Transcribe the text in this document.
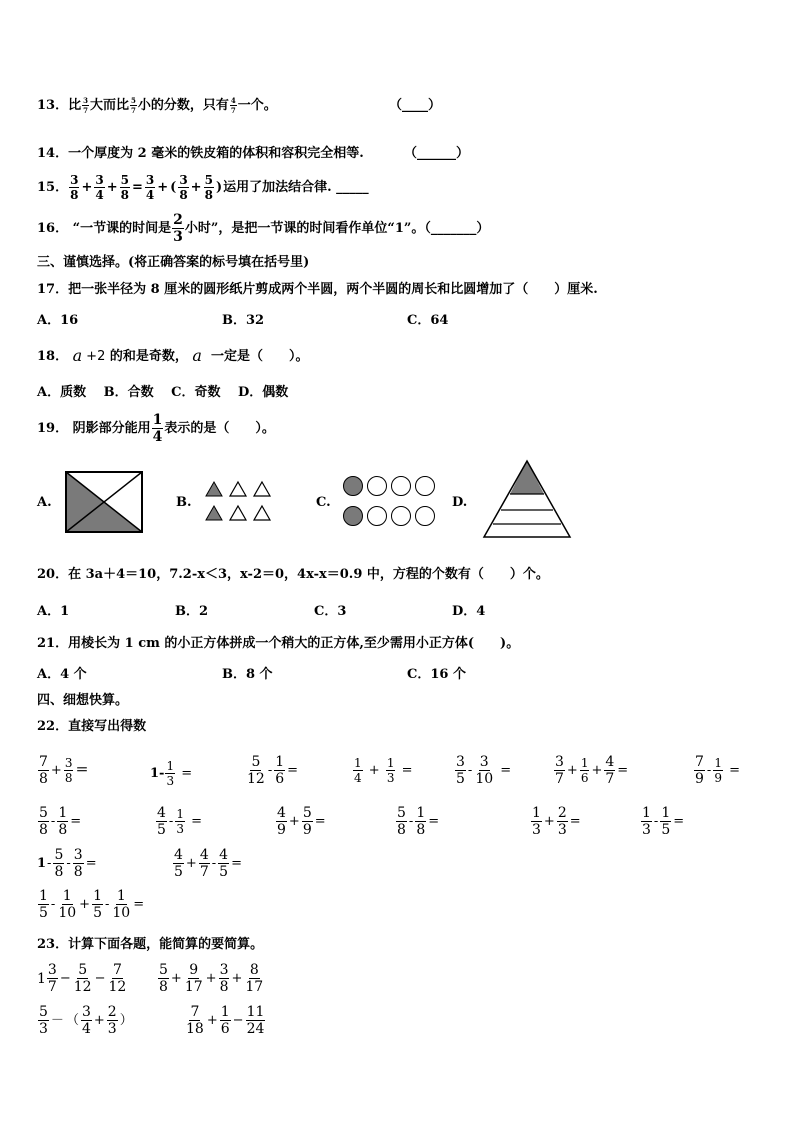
13．比 $\frac{3}{7}$ 大而比 $\frac{5}{7}$ 小的分数，只有 $\frac{4}{7}$ 一个。	（____）
14．一个厚度为 2 毫米的铁皮箱的体积和容积完全相等.	（______）
15． $\frac{3}{8} + \frac{3}{4} + \frac{5}{8} = \frac{3}{4}$ + ( $\frac{3}{8} + \frac{5}{8}$ ) 运用了加法结合律.
_____
16．
“一节课的时间是 $\frac{2}{3}$ 小时”，是把一节课的时间看作单位“1”。（_______）
三、谨慎选择。(将正确答案的标号填在括号里)
17．把一张半径为 8 厘米的圆形纸片剪成两个半圆，两个半圆的周长和比圆增加了（　　）厘米.
A．16	B．32	C．64
18．
a +2
的和是奇数，
a
一定是（　　）。
A．质数　 B．合数　 C．奇数　 D．偶数
19．
阴影部分能用 $\frac{1}{4}$ 表示的是（　　）。
A.	B.	C.	D.
20．在 3a＋4＝10，7.2-x＜3，x-2＝0，4x-x＝0.9 中，方程的个数有（　　）个。
A．1	B．2	C．3	D．4
21．用棱长为 1 cm 的小正方体拼成一个稍大的正方体,至少需用小正方体(　　)。
A．4 个	B．8 个	C．16 个
四、细想快算。
22．直接写出得数
$\frac{7}{8} + \frac{3}{8}$ ＝	$1- \frac{1}{3}$ =	$\frac{5}{12} - \frac{1}{6}$ =	$\frac{1}{4} + \frac{1}{3}$ =	$\frac{3}{5} - \frac{3}{10}$ =	$\frac{3}{7} + \frac{1}{6} + \frac{4}{7}$ =	$\frac{7}{9} - \frac{1}{9}$ =
$\frac{5}{8} - \frac{1}{8}$ =	$\frac{4}{5} - \frac{1}{3}$ =	$\frac{4}{9} + \frac{5}{9}$ =	$\frac{5}{8} - \frac{1}{8}$ =	$\frac{1}{3} + \frac{2}{3}$ =	$\frac{1}{3} - \frac{1}{5}$ =
$1 - \frac{5}{8} - \frac{3}{8}$ =	$\frac{4}{5} + \frac{4}{7} - \frac{4}{5}$ =
$\frac{1}{5} - \frac{1}{10} + \frac{1}{5} - \frac{1}{10}$ =
23．计算下面各题，能简算的要简算。
$1 \frac{3}{7} - \frac{5}{12} - \frac{7}{12} \frac{5}{8} + \frac{9}{17} + \frac{3}{8} + \frac{8}{17}$
$\frac{5}{3}$ － （ $\frac{3}{4} + \frac{2}{3}$ ）	$\frac{7}{18} + \frac{1}{6} - \frac{11}{24}$
